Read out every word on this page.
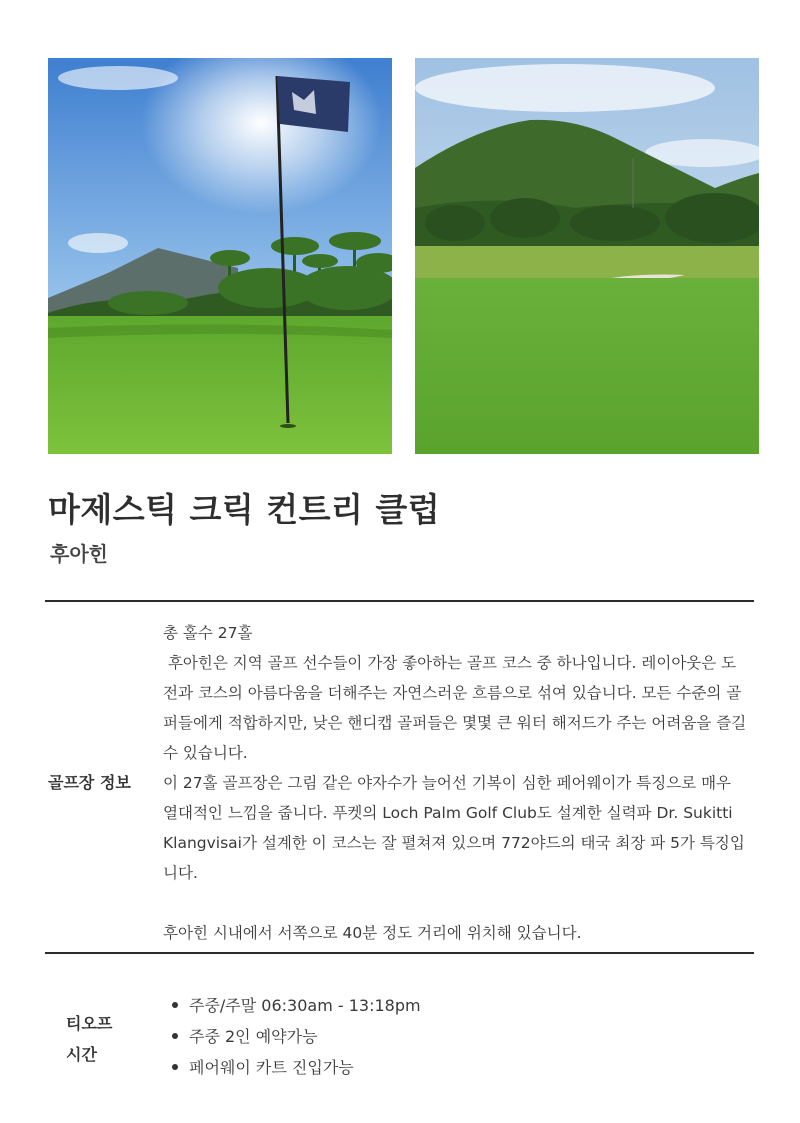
마제스틱 크릭 컨트리 클럽
후아힌
골프장 정보

총 홀수 27홀

후아힌은 지역 골프 선수들이 가장 좋아하는 골프 코스 중 하나입니다. 레이아웃은 도전과 코스의 아름다움을 더해주는 자연스러운 흐름으로 섞여 있습니다. 모든 수준의 골퍼들에게 적합하지만, 낮은 핸디캡 골퍼들은 몇몇 큰 워터 해저드가 주는 어려움을 즐길 수 있습니다.

이 27홀 골프장은 그림 같은 야자수가 늘어선 기복이 심한 페어웨이가 특징으로 매우 열대적인 느낌을 줍니다. 푸켓의 Loch Palm Golf Club도 설계한 실력파 Dr. Sukitti Klangvisai가 설계한 이 코스는 잘 펼쳐져 있으며 772야드의 태국 최장 파 5가 특징입니다.

후아힌 시내에서 서쪽으로 40분 정도 거리에 위치해 있습니다.

티오프
시간
주중/주말 06:30am - 13:18pm
주중 2인 예약가능
페어웨이 카트 진입가능
